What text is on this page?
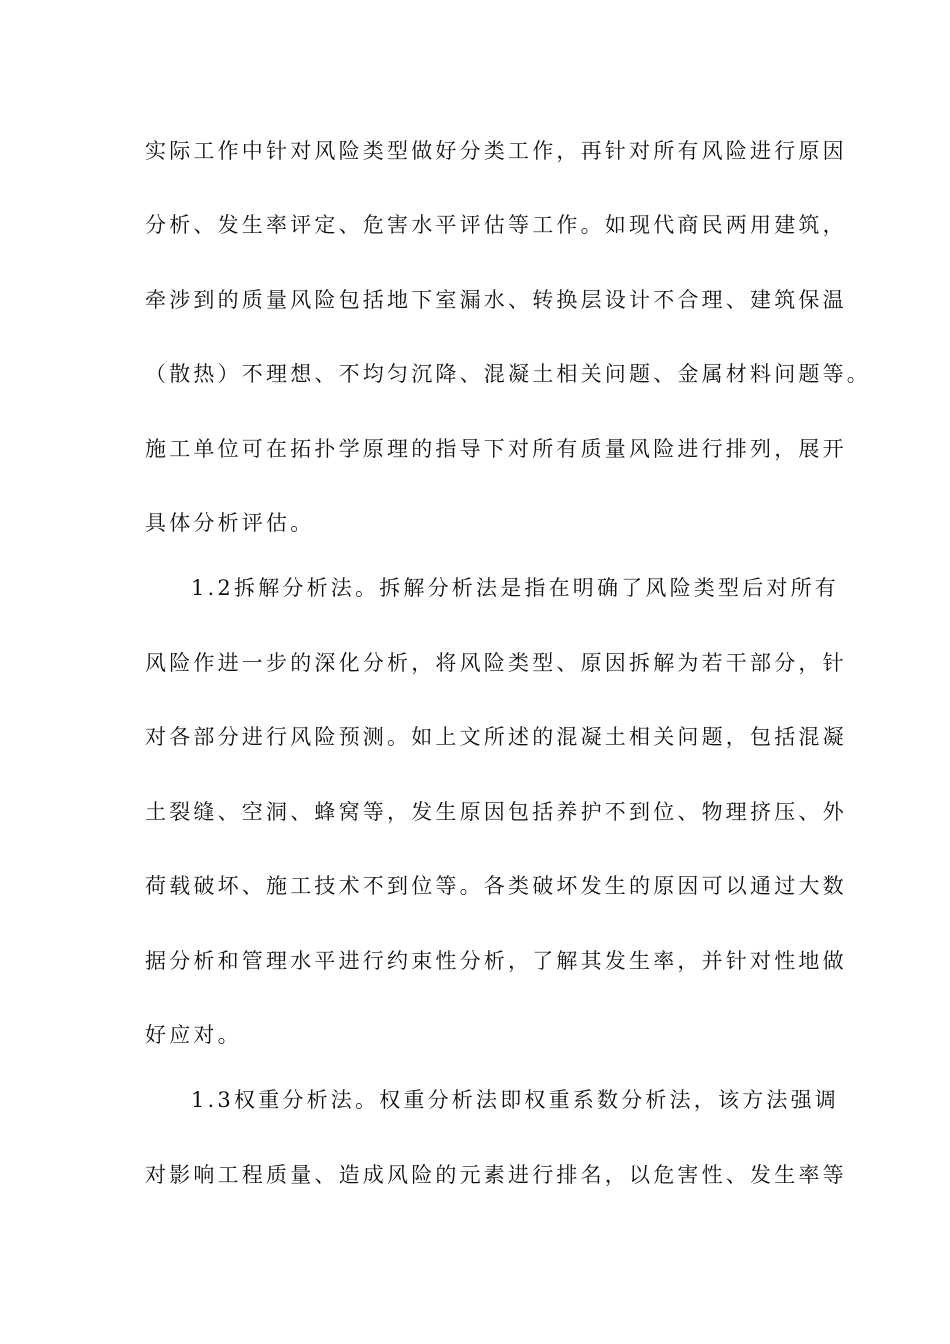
实际工作中针对风险类型做好分类工作，再针对所有风险进行原因
分析、发生率评定、危害水平评估等工作。如现代商民两用建筑，
牵涉到的质量风险包括地下室漏水、转换层设计不合理、建筑保温
（散热）不理想、不均匀沉降、混凝土相关问题、金属材料问题等。
施工单位可在拓扑学原理的指导下对所有质量风险进行排列，展开
具体分析评估。
1.2拆解分析法。拆解分析法是指在明确了风险类型后对所有
风险作进一步的深化分析，将风险类型、原因拆解为若干部分，针
对各部分进行风险预测。如上文所述的混凝土相关问题，包括混凝
土裂缝、空洞、蜂窝等，发生原因包括养护不到位、物理挤压、外
荷载破坏、施工技术不到位等。各类破坏发生的原因可以通过大数
据分析和管理水平进行约束性分析，了解其发生率，并针对性地做
好应对。
1.3权重分析法。权重分析法即权重系数分析法，该方法强调
对影响工程质量、造成风险的元素进行排名，以危害性、发生率等
